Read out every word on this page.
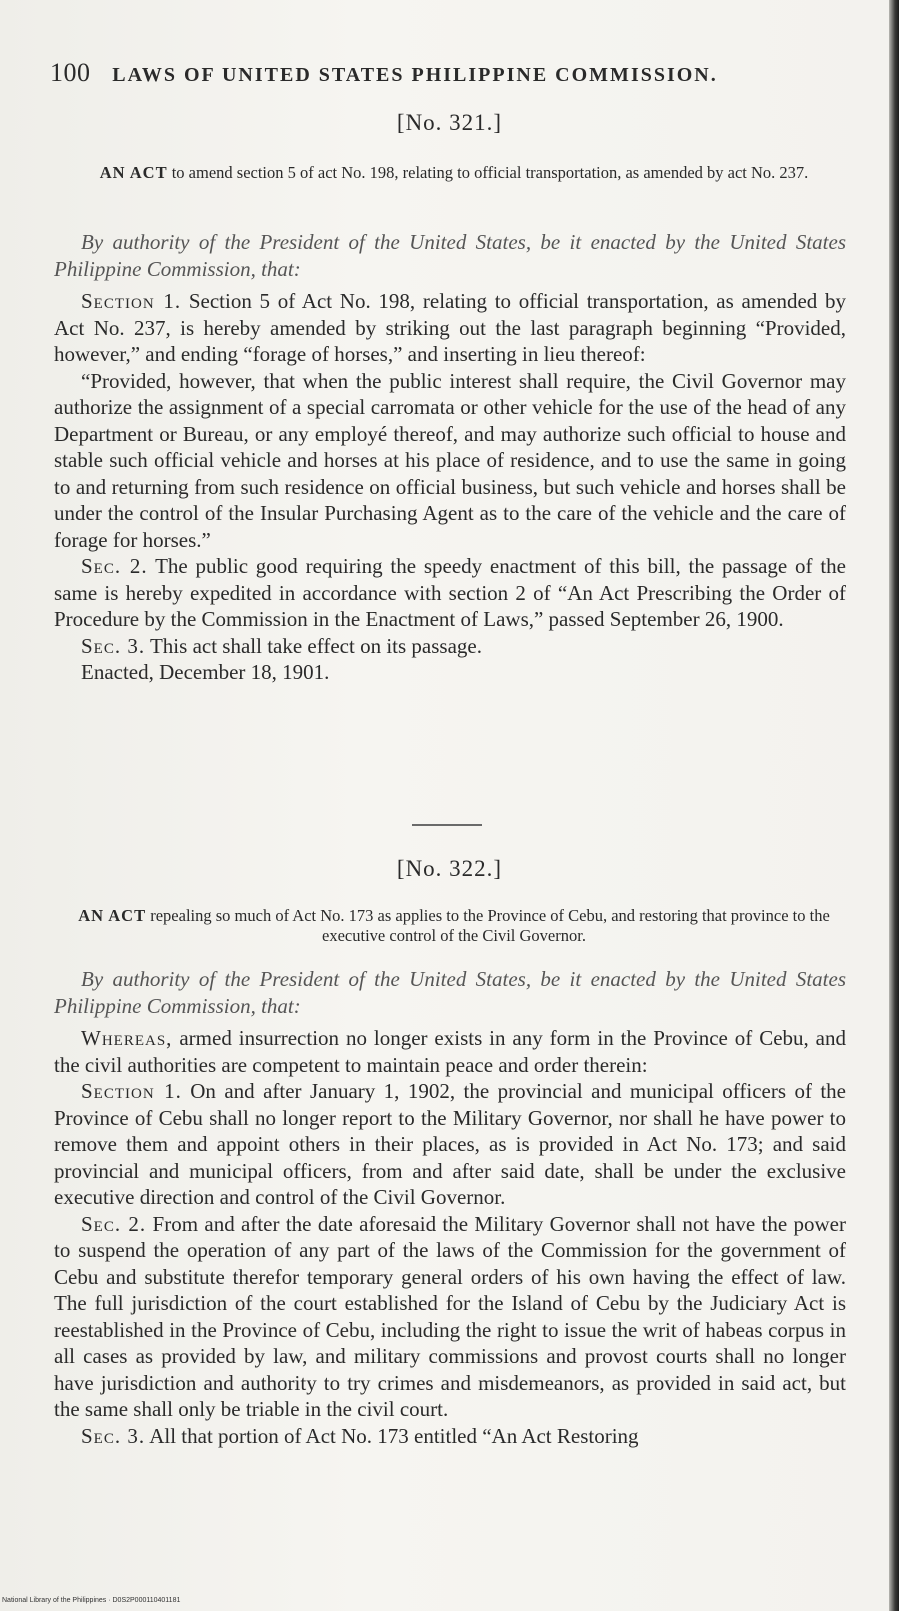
100 LAWS OF UNITED STATES PHILIPPINE COMMISSION.
[No. 321.]
AN ACT to amend section 5 of act No. 198, relating to official transportation, as amended by act No. 237.

By authority of the President of the United States, be it enacted by the United States Philippine Commission, that:

Section 1. Section 5 of Act No. 198, relating to official transportation, as amended by Act No. 237, is hereby amended by striking out the last paragraph beginning “Provided, however,” and ending “forage of horses,” and inserting in lieu thereof:

“Provided, however, that when the public interest shall require, the Civil Governor may authorize the assignment of a special carromata or other vehicle for the use of the head of any Department or Bureau, or any employé thereof, and may authorize such official to house and stable such official vehicle and horses at his place of residence, and to use the same in going to and returning from such residence on official business, but such vehicle and horses shall be under the control of the Insular Purchasing Agent as to the care of the vehicle and the care of forage for horses.”

Sec. 2. The public good requiring the speedy enactment of this bill, the passage of the same is hereby expedited in accordance with section 2 of “An Act Prescribing the Order of Procedure by the Commission in the Enactment of Laws,” passed September 26, 1900.

Sec. 3. This act shall take effect on its passage.

Enacted, December 18, 1901.

[No. 322.]
AN ACT repealing so much of Act No. 173 as applies to the Province of Cebu, and restoring that province to the executive control of the Civil Governor.

By authority of the President of the United States, be it enacted by the United States Philippine Commission, that:

Whereas, armed insurrection no longer exists in any form in the Province of Cebu, and the civil authorities are competent to maintain peace and order therein:

Section 1. On and after January 1, 1902, the provincial and municipal officers of the Province of Cebu shall no longer report to the Military Governor, nor shall he have power to remove them and appoint others in their places, as is provided in Act No. 173; and said provincial and municipal officers, from and after said date, shall be under the exclusive executive direction and control of the Civil Governor.

Sec. 2. From and after the date aforesaid the Military Governor shall not have the power to suspend the operation of any part of the laws of the Commission for the government of Cebu and substitute therefor temporary general orders of his own having the effect of law. The full jurisdiction of the court established for the Island of Cebu by the Judiciary Act is reestablished in the Province of Cebu, including the right to issue the writ of habeas corpus in all cases as provided by law, and military commissions and provost courts shall no longer have jurisdiction and authority to try crimes and misdemeanors, as provided in said act, but the same shall only be triable in the civil court.

Sec. 3. All that portion of Act No. 173 entitled “An Act Restoring

National Library of the Philippines · D0S2P000110401181
